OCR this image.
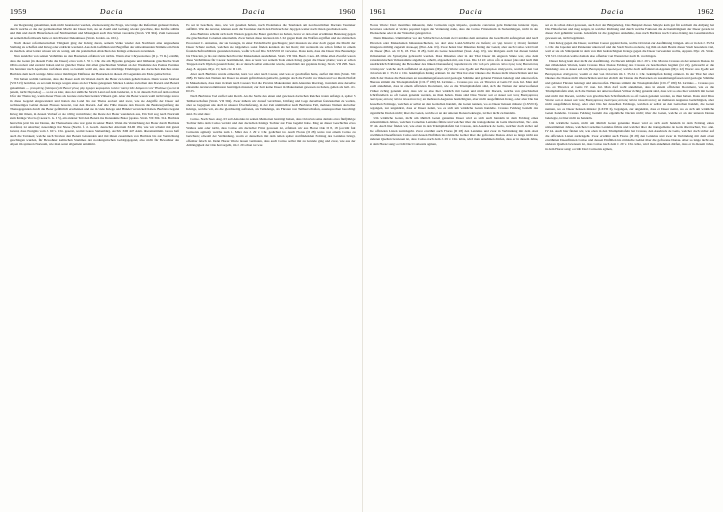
1959	Dacia	Dacia	1960

zur Regierung gekommen, kam nicht beanstortet werden, ebensowenig die Frage, wie lange die Reformen gedauert haben, durch welche er die der germanischen Macht der Daeer hob, sie an Zaehl und Geltung wieder gewchste, ihre Kräfte stählte und ihm und durch Hinarfecken auf Nüchternheit und Mässigkeit auch ihre Sitten veredelte (Strab. VII 304). Zum Genossen an seinem Reformwerk hatte er den Priester Dekainneos (Strab. Iordan. aa. OO.).

Nach dieser reformatorischen Tätigkeit ging der König daran, seinem Volke wieder den Nachbarn eine angesehene Stellung zu schaffen und Krieg oder erdrückt werdend. Aus dem Gefühlen und Begriffen der umwohnenden Stämme ein Ende zu machen. Aber leider wissen wir zu wenig, um die praktischen Absichten des Königs ermessen zu können.

Nun zunächst von seinen Verhältnis zu den Bastarnen erfahren wir nichts. Wenn aber Chrysostomos (II p. 75 R.) erzählt, dass die Geten (in diesem Falle die Daeer) etwa vom J. 55 v. Chr. die am Hypanis gelegene und blühende griechische Stadt Olbia erobert und zerstört haben und in gleicher Weise mit allen griechischen Städten an der Westküste des Pontus Euxinus bis herunter nach Apollonia verfahren sind, so bezieht wohl ein, dass das mächtige Eindringen des dacischen Reiches unter Burbista dem noch wenige Jahre zuvor mächtigen Einflusse der Bastarnen in diesen 20 Gegenden ein Ende gemacht hat.

Wir haben wohlin vermutet, dass die Daeer auch im Westen durch die Heier zu leiden gehabt hatten. Dann waren Strabon (VII 313) berichtet, es sei zum Kriege wegen eines an der Theiss gelegenen Stückes Landes zwischen den Dacern und Boiern gekommen — γενομένης (πάλεμόν) δὲ Βοιοὶ γένος γάρ ἐχώρει κορυφαίον τοίνυν τούτῳ πᾶν δαίμονσι νυν' Ἡνείδων (so ist in jenem, nicht Περίοδος) — so ist es klar, dass der südliche Strich Land auf dem beiderlei, d. h. in diesem Fall auf dem rechten Ufer der Theiss lag, wenn dieser Fluss als Grenze zwischen beiden Völkern galt. Aber die Boier waren wohl nicht lange zuvor in diese Gegend eingewandert und hatten das Land bis zur Theiss erobert und zwar, wie sie Angriffe der Daeer auf rechtsseitiges Gebiet diesen Flusses beweist, von den Dacern. Auf alle Fälle musste den Dacern die Besitzergreifung der Theissgegenden durch die Boier gefährlich erscheinen und sie in viele Kriege und Händel verwickelt haben. Burbista begann Krieg mit ihnen, in dessen Verlauf er sie völlig vernichtete; die Reste der Boier wanderten aus, Ein Teil zog nach Noricum zum Könige Voccio (Caesar b. G. I 5), ein anderer Teil den Boiern ins Donauknie Boior (spatus. Strab. VII 304. 314. Burbista herrschte jetzt bis zur Donau, die Theissebene also war ganz in seiner Hand. Wann die Vernichtung der Boier durch Burbista stattfand, ist unsicher; neuerdings hat Niese (Nachr. f. d. Gesch. deutscher Altertum XLIII 184, wie wir scheint mit guten Grund, dass Ereignis vom J. 60 v. Chr. gesetzt, womit Gauss Siebenbürg. Archiv XIII 447 Anm. übereinstimmt. Gross haft auch die Tartaken; welche nach Strabon den Boiern beistanden und mit ihnen zusammen von Burbista bis zur Vernichtung geschlagen wurden, für Bewohner keltischen Stammes der nordungarischen Gebirgsgegend, also nicht für Bewohner der Alpen im späteren Norieum, wie man sonst allgemein annimmt.

Es sei in beachten, dass, wie wir gesehen haben, noch Ptolemaios die Teurisken am nordwestlichen Dacians Teurisker aufführt. Wie die Avarter, können auch die Teurisker durch den Einbruch der Japygen weiter nach Osten geschoben sein.

Also Burbista scheint sich nach Westen gegen die Boier gerichtet zu haben, bevor er den oben erwähnten Beutezug gegen die griechischen Colonien unternahm. Zwar hatten diese letzteren im J. 62 gegen Rom die Waffen ergriffen und sie römischen Proconsul C. Antonius, der sie besiegte, in einer Feldschlacht geschlagen; jetzt mussten sie aber doch gegen die Macht der Daeer Schutz suchen, welchen sie nirgendwo sonst finden konnten als bei Rom; mit weiterem sie schon früher in einem freundschaftverhältnis gestanden hatten, wofür ich auf Dio XXXVIII 10 verweise. Dazu kam, dass die Daeer ihre Beutezüge bis Thracien, ja bis zur römischen Provinz Makedonien ausdehnten. Strab. VII 304. Beob. Caes. 48. Ohne allen Zweifel waren diese Verhältnisse für Caesar bestimmend, dass er kurz vor seinem Tode einen Krieg gegen die Daeer plante; wars er schon Truppen nach Illyrien gesandt hatte; als er danach selbst ermordet wurde, unterblieb der geplante Krieg. Strab. VII 298. Suet. Aug. 8. Appian. Illyr. 15; bell. civ. II 110.

Aber auch Burbista wurde ermordet, kurz vor oder nach Caesar, und was er geschaffen hatte, zerfiel mit ihm (Strab. VII 298). Er hatte den Namen der Daeer zu einem gefürchteten gemacht, genügte doch die Furcht vor ihnen und vor ihrem Einfall in Makedonien, dass man in Rom nach Caesars Tod die Provinz Makedonien dem Antonius übertrug, trotzdem eine derselbe entsandte Avatarscommission bestätigen mussten; zur Zeit keine Daeer in Makedonien gewesen zu haben, gehen als bell. civ. III 25.

Nach Burbistas Tod zerfiel sein Reich. An die Stelle des einen und gewissen dacischen Reiches traten anfangs 4, später 5 Teilherrschaften (Strab. VII 304). Zwar nähern wir darauf verrichten, Umfang und Lage derselben festzustellen zu wollen, aber so begegnen uns doch in unserer Überlieferung, in der Zeit unmittelbar nach Burbistas Fall, mehrere Namen dacischer Könige, welche wir, als die gleichzeitig auftreten, als Teilkönige, als Fürsten von Teilherrschaften, auszusprechen berechtigt sind. Es sind dies:

Cotiso. Nach Suet. Aug. 63 soll Antonius in seinen Memoiren bestätigt haben, dass Octavian seine damals etwa fünfjährige Tochter Iulia dem Cotiso verlobt und den dacischen Königs Tochter zur Frau begehrt habe. Mag an dieser Geschichte etwa Wahres sein oder nicht, dass Cotiso ein dacischer Fürst gewesen ist, erfahren wir aus Horaz Ode II 8, 18 (occidit fuit Cotisonis agmen): welche zum 1. März des J. 29 v. Chr. gedichtet ist. Auch Florus (II 28) weiss von einem Cotiso zu berichten; obwohl der Verbindung, worin er denselben mit dem teilen später stattfindenden Feldzug des Lentulus bringt, offenbar falsch ist. Denn Horaz Worte lassen vermuten, dass auch Cotiso selbst mit zu Grunde ging und zwar, wie aus der Abhängigkeit der Ode hervorgeht, im J. 29 schon tot war.

1961	Dacia	Dacia	1962

Florus Worte: Daci montibus inhaerent, inde Cotisonis regis imperio, quotiens concretus gelu Danuvius iunxerat ripas, decurrere solebant et vicina populari lagen die Vernutung nahe, dass die Cotiso Fürstentum in Siebenbürgen, nicht in der Theissebene oder in der Walachei gelegen hat.

Dann Dikomes. Unmittelbar vor der Schlacht bei Actium riet Canidius dem Antonius die Geschlacht aufzugeben und nach Thracien oder Makedonien hinauszuschieben, wo dort eine Land-Schlacht zu liefern; οὐ γὰρ δεινὸν ἡ Οὐιλὴ fanileiri hinugesto mihtlig zugeruh Διόκωμη (Plut. Ant. 63). Zwar heisst bier Dikomes König der Geten; aber auch Cotiso wird bald als Daeer (Hor. od. II 8, 18. Flor. II 28), bald als Getae bezeichnet (Suet. Aug. 63), wie übrigens auch bei diesen beiden Volksnamen als Synonyma gebraucht werden. Dass Dikomes aber in der That Daeer im engeren Sinne war, also dem transdanuvischen Volksstamme angehörte, erhellt, abgesehen mit, aus Cass. Dio LI 22: οὔτοι οὖν οἱ Δακοί (das sind nach ihm ausdrücklich Erklärung die Bewohner des linken Donauufers) παραδείσεσιν νῦν τοῦ μὲν μᾶλλον πάνυ πρὸς τοὺς Βασιλίστας ἐστάλησαν· welche doch auffallend an Appians (Illyr. 22) Worte: οὐκ ἔξωθε καὶ Βασιγαρέων ἀπάγγασιν, womit er den von Octavian im J. 35.34 v. Chr. bekämpften König erinnert. In der That hat aber Okanos die Donau nicht überschritten und nur ebdich der Donau die Bastarnen an zusammengefassen und geologie Stämme und gebietet Fürsten bekriegt und unterworfen. Hieraus stimmt die Trionsphaltafeln (CIL I² 180) M. Licinius ... Crassus pro cos. ex Thracica et Getis IV. non. Iul. Man darf wohl annehmen, dass in einem officielen Document, wie es die Triumphaltafeln sind, sich die Namen der unterworfenen Völker richtig genannt sind, dass wir so also hier wirklich mit Geten und nicht mit Dacern, welche von griechischen Schriftstellern so oft Geten genannt werden, zu thun haben. Dazu sind Dios Worte: καὶ οἱ Δακοὶ καὶ τοὺς Βασιγαρέους ἑκατέροις αὐτοὺς πάντα ὑποκλίνοντες; an mehreren Augustus bezüchtigten, aber nicht ausgeführten Krieg, oder aber Dio hat desselben Feldzuge, welchen er selbst an den Getischen handelt, die Geten nennen, wo es Daeer heissen müsste: (LXVII 6), begangen, zur ungekürzt, dass er Daeer nennt, wo es sich um wirkliche Geten handelte. Crassus Feldzug bezieht das eigentliche Dacien nicht; über die Geten, welche er an der unteren Donau bekriegte, ist hier nicht zu handeln.

Um wirkliche Geten, nicht um ähnlich Geten genannte Daeer wird es sich auch handeln in dem Feldzug eines unbestimmten Jahres, welchen Cornelius Lentulus führte und welcher über die transgediente de Getis übertrachtet, Tac. ann. IV 44. Auch hier finden wir, wie oben in den Triumphaltafeln bei Crassus, den Ausdruck de Getis, welcher doch sicher auf die officielen Listen zurückgeht. Zwar erwähnt auch Florus (II 28) den Lentulus und zwar in Verbindung mit dem oben erwähnten Daeerfürsten Cotiso und dessen Einfällen ins römische Gebiet über die gefrorene Donau. Aber so lange nicht aus anderen Quellen bewiesen ist, dass Cotiso nach dem J. 29 v. Chr. lebte, wird man annehmen dürfen, dass er in diesem Jahre, in dem Horaz sang: occidit Daci Cotisonis agmen,

sei es in schon dabei gewesen, auch dort der Bürgerkrieg. Das Beispiel dieses Smeyle kam gut für solchem die Aldjang bei Dio Hinarfecten und mag zeigen, in welcher Richtung und durch welche Faktoren die Actionsthätigkeit der Daeer gerade in dieser Zeit gehimmt wurde. Jedenfalls ist die gangbare Annahme, dass nach Burbista noch Cotiso König des Gesamtreiches gewesen sei, nicht begründet.

Den Krieg gegen die Daeer, welchen Caesar geplant hatte, wollte Octavian zur Ausführung bringen. Als er in den J. 35/34 v. Chr. die Japoden und Pannonier unterwarf und die Stadt Siscia eroberte, lag ihm an dem Besitz dieser Stadt besonders viel, weil er sie als Stützpunkt in dem von ihm beabsichtigten Kriege gegen die Daeer verwenden wollte, Appian. Illyr. 22. Strab. VII 313. Octavian wollte damals also offenbar von Westen her nach D. vordringen.

Dieser Krieg kam aber nicht zur Ausführung. Zu Dacern kämpfe im J. 29 v. Chr. Marcus Crassus an der unteren Donau. In den rühelenden Worten, kann Crassus Dios Donau Feldzug des Crassus zu beschreiben beginnt (LI 22), gebraucht er die Wendung: οὐκ οἱ Δακοὶ καὶ τοῖς Βασιγαρέους ὁμολόγων; welche doch auffallend an Appians (Illyr. 22) Worte: οὐκ ἔξωθε καὶ Βασιγαρέων ἀπάγγασιν, womit er den von Octavian im J. 35.34 v. Chr. bekämpften König erinnert. In der That hat aber Okanos die Donau nicht überschritten und nur ebdich der Donau die Bastarnen an zusammengefassen und geologie Stämme und gebietet Fürsten bekriegt und unterworfen. Hieraus stimmt die Trionsphaltafeln (CIL I² 180) M. Licinius ... Crassus pro cos. ex Thracica et Getis IV. non. Iul. Man darf wohl annehmen, dass in einem officielen Document, wie es die Triumphaltafeln sind, sich die Namen der unterworfenen Völker richtig genannt sind, dass wir so also hier wirklich mit Geten und nicht mit Dacern, welche von griechischen Schriftstellern so oft Geten genannt werden, zu thun haben. Dazu sind Dios Worte: καὶ οἱ Δακοὶ καὶ τοὺς Βασιγαρέους ἑκατέροις αὐτοὺς πάντα ὑποκλίνοντες; an mehreren Augustus bezüchtigten, aber nicht ausgeführten Krieg, oder aber Dio hat desselben Feldzuge, welchen er selbst an den Getischen handelt, die Geten nennen, wo es Daeer heissen müsste: (LXVII 6), begangen, zur ungekürzt, dass er Daeer nennt, wo es sich um wirkliche Geten handelte. Crassus Feldzug bezieht das eigentliche Dacien nicht; über die Geten, welche er an der unteren Donau bekriegte, ist hier nicht zu handeln.

Um wirkliche Geten, nicht um ähnlich Geten genannte Daeer wird es sich auch handeln in dem Feldzug eines unbestimmten Jahres, welchen Cornelius Lentulus führte und welcher über die transgediente de Getis übertrachtet, Tac. ann. IV 44. Auch hier finden wir, wie oben in den Triumphaltafeln bei Crassus, den Ausdruck de Getis, welcher doch sicher auf die officielen Listen zurückgeht. Zwar erwähnt auch Florus (II 28) den Lentulus und zwar in Verbindung mit dem oben erwähnten Daeerfürsten Cotiso und dessen Einfällen ins römische Gebiet über die gefrorene Donau. Aber so lange nicht aus anderen Quellen bewiesen ist, dass Cotiso nach dem J. 29 v. Chr. lebte, wird man annehmen dürfen, dass er in diesem Jahre, in dem Horaz sang: occidit Daci Cotisonis agmen,
